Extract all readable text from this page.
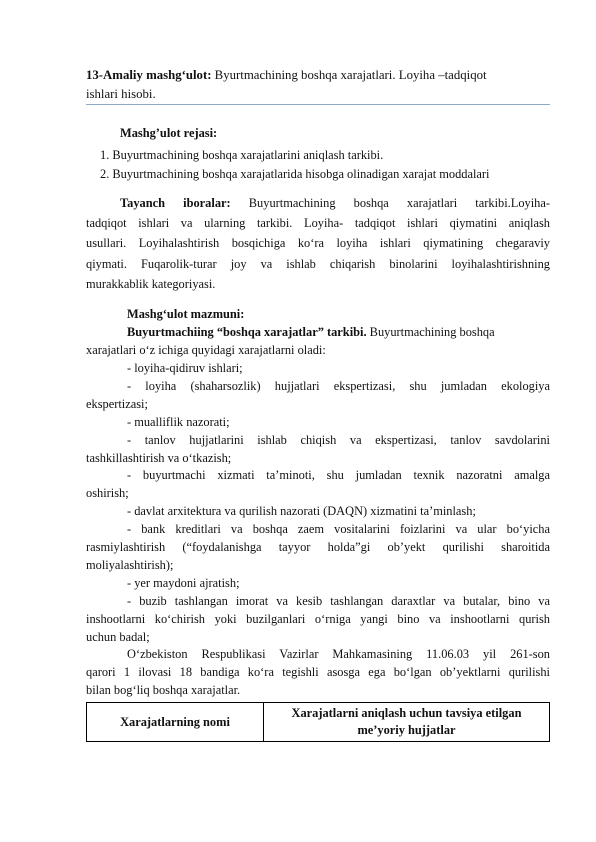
13-Amaliy mashg‘ulot: Byurtmachining boshqa xarajatlari. Loyiha –tadqiqot
ishlari hisobi.

Mashg’ulot rejasi:

1. Buyurtmachining boshqa xarajatlarini aniqlash tarkibi.

2. Buyurtmachining boshqa xarajatlarida hisobga olinadigan xarajat moddalari

Tayanch iboralar: Buyurtmachining boshqa xarajatlari tarkibi.Loyiha-

tadqiqot ishlari va ularning tarkibi. Loyiha- tadqiqot ishlari qiymatini aniqlash

usullari. Loyihalashtirish bosqichiga ko‘ra loyiha ishlari qiymatining chegaraviy

qiymati. Fuqarolik-turar joy va ishlab chiqarish binolarini loyihalashtirishning

murakkablik kategoriyasi.

Mashg‘ulot mazmuni:

Buyurtmachiing “boshqa xarajatlar” tarkibi. Buyurtmachining boshqa

xarajatlari o‘z ichiga quyidagi xarajatlarni oladi:

- loyiha-qidiruv ishlari;

- loyiha (shaharsozlik) hujjatlari ekspertizasi, shu jumladan ekologiya

ekspertizasi;

- mualliflik nazorati;

- tanlov hujjatlarini ishlab chiqish va ekspertizasi, tanlov savdolarini

tashkillashtirish va o‘tkazish;

- buyurtmachi xizmati ta’minoti, shu jumladan texnik nazoratni amalga

oshirish;

- davlat arxitektura va qurilish nazorati (DAQN) xizmatini ta’minlash;

- bank kreditlari va boshqa zaem vositalarini foizlarini va ular bo‘yicha

rasmiylashtirish (“foydalanishga tayyor holda”gi ob’yekt qurilishi sharoitida

moliyalashtirish);

- yer maydoni ajratish;

- buzib tashlangan imorat va kesib tashlangan daraxtlar va butalar, bino va

inshootlarni ko‘chirish yoki buzilganlari o‘rniga yangi bino va inshootlarni qurish

uchun badal;

O‘zbekiston Respublikasi Vazirlar Mahkamasining 11.06.03 yil 261-son

qarori 1 ilovasi 18 bandiga ko‘ra tegishli asosga ega bo‘lgan ob’yektlarni qurilishi

bilan bog‘liq boshqa xarajatlar.

Xarajatlarning nomi	Xarajatlarni aniqlash uchun tavsiya etilgan
me’yoriy hujjatlar
